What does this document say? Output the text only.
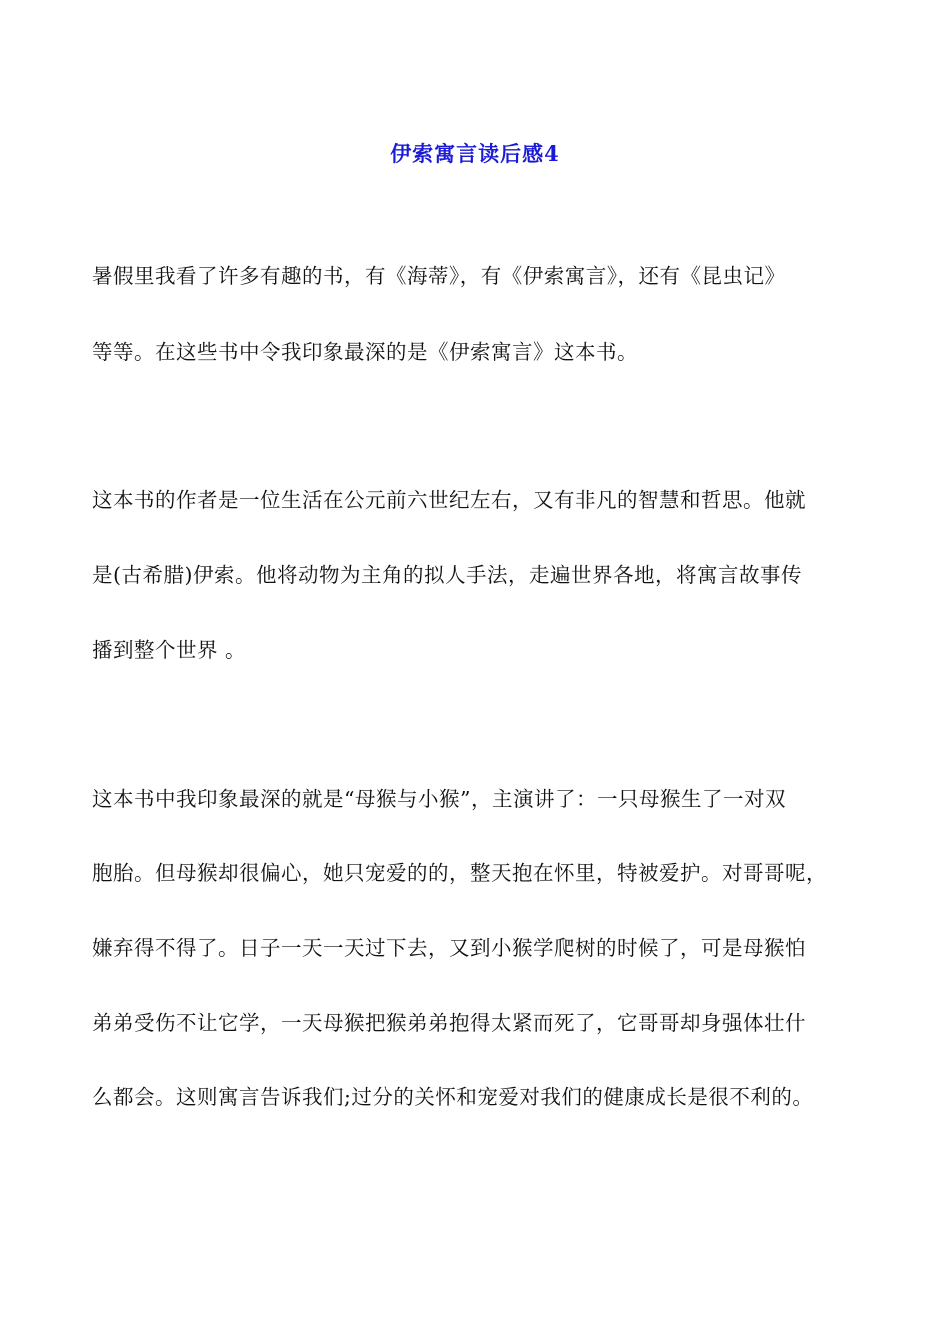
伊索寓言读后感4
暑假里我看了许多有趣的书，有《海蒂》，有《伊索寓言》，还有《昆虫记》
等等。在这些书中令我印象最深的是《伊索寓言》这本书。
这本书的作者是一位生活在公元前六世纪左右，又有非凡的智慧和哲思。他就
是(古希腊)伊索。他将动物为主角的拟人手法，走遍世界各地，将寓言故事传
播到整个世界 。
这本书中我印象最深的就是“母猴与小猴”，主演讲了：一只母猴生了一对双
胞胎。但母猴却很偏心，她只宠爱的的，整天抱在怀里，特被爱护。对哥哥呢，
嫌弃得不得了。日子一天一天过下去，又到小猴学爬树的时候了，可是母猴怕
弟弟受伤不让它学，一天母猴把猴弟弟抱得太紧而死了，它哥哥却身强体壮什
么都会。这则寓言告诉我们;过分的关怀和宠爱对我们的健康成长是很不利的。
